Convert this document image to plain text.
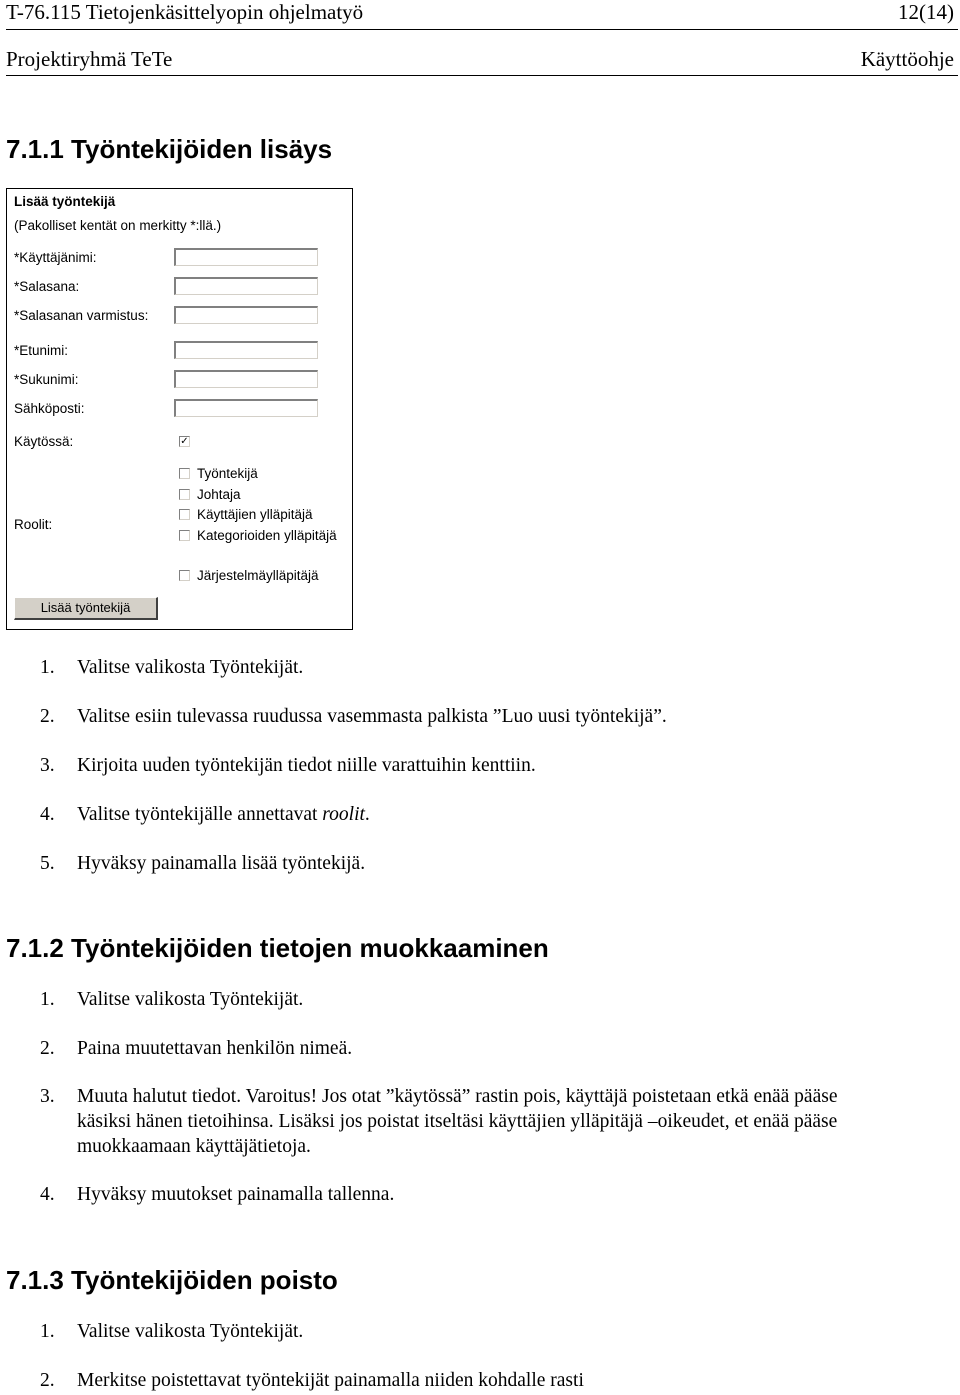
T-76.115 Tietojenkäsittelyopin ohjelmatyö	12(14)
Projektiryhmä TeTe	Käyttöohje
7.1.1 Työntekijöiden lisäys
Lisää työntekijä
(Pakolliset kentät on merkitty *:llä.)
*Käyttäjänimi:
*Salasana:
*Salasanan varmistus:
*Etunimi:
*Sukunimi:
Sähköposti:
Käytössä:	✓
Roolit:
Työntekijä
Johtaja
Käyttäjien ylläpitäjä
Kategorioiden ylläpitäjä
Järjestelmäylläpitäjä
Lisää työntekijä
1. Valitse valikosta Työntekijät.
2. Valitse esiin tulevassa ruudussa vasemmasta palkista ”Luo uusi työntekijä”.
3. Kirjoita uuden työntekijän tiedot niille varattuihin kenttiin.
4. Valitse työntekijälle annettavat roolit.
5. Hyväksy painamalla lisää työntekijä.
7.1.2 Työntekijöiden tietojen muokkaaminen
1. Valitse valikosta Työntekijät.
2. Paina muutettavan henkilön nimeä.
3. Muuta halutut tiedot. Varoitus! Jos otat ”käytössä” rastin pois, käyttäjä poistetaan etkä enää pääse
käsiksi hänen tietoihinsa. Lisäksi jos poistat itseltäsi käyttäjien ylläpitäjä –oikeudet, et enää pääse
muokkaamaan käyttäjätietoja.
4. Hyväksy muutokset painamalla tallenna.
7.1.3 Työntekijöiden poisto
1. Valitse valikosta Työntekijät.
2. Merkitse poistettavat työntekijät painamalla niiden kohdalle rasti
